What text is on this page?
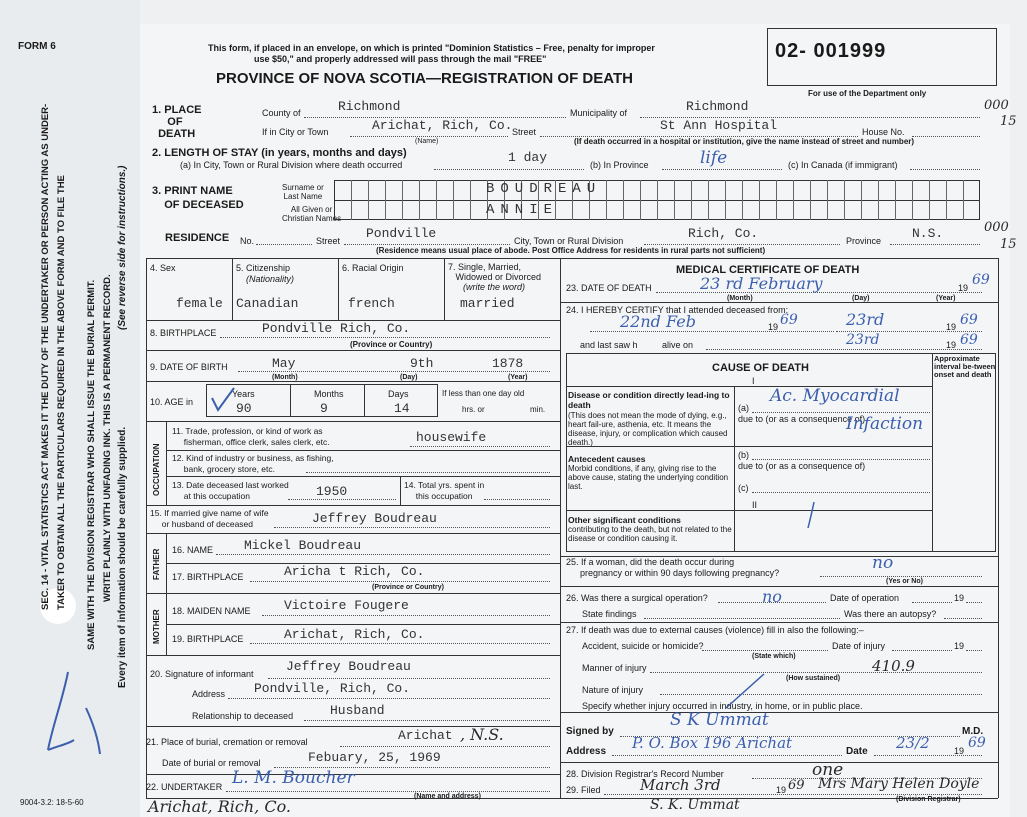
FORM 6	This form, if placed in an envelope, on which is printed "Dominion Statistics – Free, penalty for improper
use $50," and properly addressed will pass through the mail "FREE"
PROVINCE OF NOVA SCOTIA—REGISTRATION OF DEATH
02- 001999
For use of the Department only
000
15
000
15
SEC. 14 - VITAL STATISTICS ACT MAKES IT THE DUTY OF THE UNDERTAKER OR PERSON ACTING AS UNDER- TAKER TO OBTAIN ALL THE PARTICULARS REQUIRED IN THE ABOVE FORM AND TO FILE THE SAME WITH THE DIVISION REGISTRAR WHO SHALL ISSUE THE BURIAL PERMIT. WRITE PLAINLY WITH UNFADING INK. THIS IS A PERMANENT RECORD.
(See reverse side for instructions.)
Every item of information should be carefully supplied.
1. PLACE
OF
DEATH
County of	Richmond	Municipality of	Richmond
If in City or Town	Arichat, Rich, Co.
(Name)
Street	St Ann Hospital	House No.
(If death occurred in a hospital or institution, give the name instead of street and number)
2. LENGTH OF STAY (in years, months and days)
(a) In City, Town or Rural Division where death occurred	1 day	(b) In Province	life	(c) In Canada (if immigrant)
3. PRINT NAME
OF DECEASED
Surname or
Last Name
All Given or
Christian Names
BOUDREAU
ANNIE
RESIDENCE No.	Street Pondville	City, Town or Rural Division	Rich, Co.	Province N.S.
(Residence means usual place of abode. Post Office Address for residents in rural parts not sufficient)
4. Sex
female
5. Citizenship
(Nationality)
Canadian
6. Racial Origin
french
7. Single, Married,
Widowed or Divorced
(write the word)
married
8. BIRTHPLACE	Pondville Rich, Co.
(Province or Country)
9. DATE OF BIRTH	May	9th	1878
(Month)	(Day)	(Year)
10. AGE in
Years
90
Months
9
Days
14
If less than one day old
hrs. or	min.
OCCUPATION
11. Trade, profession, or kind of work as
fisherman, office clerk, sales clerk, etc.	housewife
12. Kind of industry or business, as fishing,
bank, grocery store, etc.
13. Date deceased last worked
at this occupation	1950	14. Total yrs. spent in
this occupation
15. If married give name of wife
or husband of deceased	Jeffrey Boudreau
FATHER 16. NAME Mickel Boudreau
17. BIRTHPLACE	Aricha t Rich, Co.
(Province or Country)
MOTHER 18. MAIDEN NAME	Victoire Fougere
19. BIRTHPLACE	Arichat, Rich, Co.
20. Signature of informant Jeffrey Boudreau
Address Pondville, Rich, Co.
Relationship to deceased	Husband
21. Place of burial, cremation or removal	Arichat , N.S.
Date of burial or removal	Febuary, 25, 1969
22. UNDERTAKER L. M. Boucher
(Name and address)
Arichat, Rich, Co.
9004-3.2: 18-5-60
MEDICAL CERTIFICATE OF DEATH
23. DATE OF DEATH	23 rd February	19 69
(Month)	(Day)	(Year)
24. I HEREBY CERTIFY that I attended deceased from:
22nd Feb	19 69	23rd	19 69
and last saw h	alive on	23rd	19 69
CAUSE OF DEATH
Approximate interval be-tween onset and death
I
Disease or condition directly lead-ing to death
(This does not mean the mode of dying, e.g., heart fail-ure, asthenia, etc. It means the disease, injury, or complication which caused death.)
(a)
Ac. Myocardial
due to (or as a consequence of)
Infaction
Antecedent causes
Morbid conditions, if any, giving rise to the above cause, stating the underlying condition last.
(b)
due to (or as a consequence of)
(c)
II
Other significant conditions
contributing to the death, but not related to the disease or condition causing it.
25. If a woman, did the death occur during
pregnancy or within 90 days following pregnancy?	no
(Yes or No)
26. Was there a surgical operation?	no	Date of operation	19
State findings	Was there an autopsy?
27. If death was due to external causes (violence) fill in also the following:–
Accident, suicide or homicide?
(State which)
Date of injury	19
Manner of injury	410.9
(How sustained)
Nature of injury
Specify whether injury occurred in industry, in home, or in public place.
Signed by
S K Ummat
M.D.
Address P. O. Box 196 Arichat	Date 23/2	19 69
28. Division Registrar's Record Number	one
29. Filed	March 3rd	19 69 Mrs Mary Helen Doyle
(Division Registrar)
S. K. Ummat
